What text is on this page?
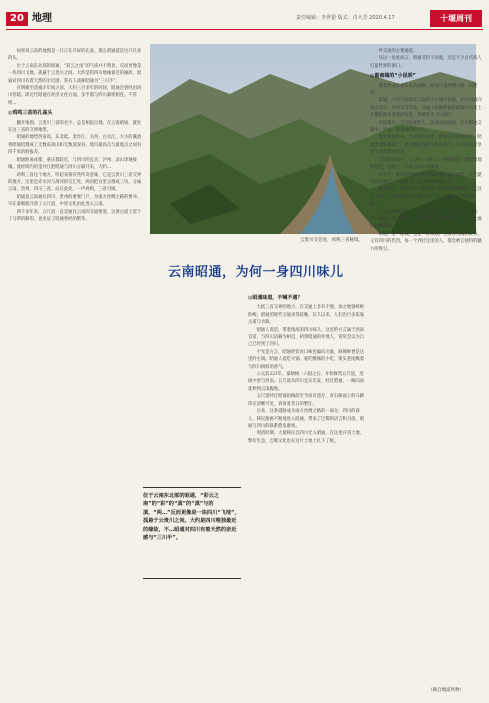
20 地理	责任编辑：李世银 版式：肖大芳 2020.4.17	十堰周刊

如果说云南的地图是一只正在开屏的孔雀，那么昭通就是这只孔雀的头。

位于云南东北部的昭通，“彩云之南”的气质并不明显，反而更像是一块四川飞地，孤悬于云贵川之间。大约是和四川地缘靠近的缘故，昭通对四川有着天然的亲近感，常有人戏称昭通为“三川半”。

在明朝至清雍正年间之前，大约三百多年的时间，昭通还曾经由四川管辖。即近代昭通在经济文化方面，多半都与四川紧密相连。不管明…

◎鸡鸣三省的孔雀头

翻开地图，云贵川三省的名字，总是相依出现。在云南昭通，就处在这三省的交界地带。

昭通的地势西南高，东北低。金沙江、关河、白水江、大小的溪流将昭通切割成了无数座高山和无数道深谷。境内最高点与最低点之间有四千米的海拔差。

昭通距离成都、重庆都较近，与四川的宜宾、泸州、凉山等地接壤。流经境内的金沙江把昭通与四川分隔开来，大约…

鸡鸣三省这个地方，听起来很有些传奇意味，它是云贵川三省交界的地方。这里是赤水河与渭河的交汇处，两河把这里分割成三块，分属云南、贵州、四川三省。站在此处，一声鸡鸣，三省可闻。

昭通是云南通往四川、贵州的重要门户，为南方丝绸之路的要冲。早在秦朝就开凿了五尺道，中原文化由此进入云南。

两千多年来，五尺道一直是通往云南的交通要道，这条古道上留下了马帮的蹄印，也见证了昭通曾经的繁华。

云贵川交会处，鸡鸣三省秘境。
云南昭通，为何一身四川味儿
◎昭通味道，不喊不通？

大抵三省交界的地方，在交通上多有不便。加之地貌崎岖险峻，昭通的现代交通来得较晚，长久以来，人们出行多依靠古道与水路。

昭通人说话，带着浓浓的四川味儿。这里的方言属于西南官话，与四川话颇为相近，初到昭通的外地人，常常会以为自己已经到了四川。

不光是方言，昭通的饮食口味也偏向川渝，麻辣鲜香是这里的主调。昭通人爱吃火锅、爱吃酸辣的小吃，街头巷尾飘着与四川相似的香气。

公元前221年，秦朝统一六国之后，开始修筑五尺道，连接中原与西南。五尺道从四川宜宾出发，经过昭通，一路向南延伸到云南腹地。

五尺道经过昭通的路段至今尚有遗存，青石路面上的马蹄印记清晰可见，诉说着昔日的繁忙。

后来，这条道路成为南方丝绸之路的一部分，四川的商人、移民源源不断地进入昭通，带来了巴蜀的语言和习俗，昭通与四川的联系愈发紧密。

明清时期，大量移民自四川迁入昭通，在这里开垦土地、繁衍生息，巴蜀文化也在这片土地上扎下了根。

外交流的主要通道。

从这一角度而言，昭通非但不闭塞，还是不少古代商人打量世界的窗口。

◎最南端的“小昆明”

随着商业贸易往来的频繁，昭通与南丝绸之路一同繁荣。

昭通，不仅可以抵达云南的中心城市昆明，还可以通向四川宜宾、贵州毕节等地，交通上的便利使得昭通在历史上长期扮演着重要的角色，曾被誉为“小昆明”。

不同地区、不同民族的人，选择留在昭通，在不断地交融中，形成了昭通独特的文化。

每到黄昏时分，当夕阳的余光，将城市的屋顶染红，昭通老城的街道上，便会飘起各种小吃的香气，人们在这里享受生活的悠闲时光。

在这些饮食中，“云南十八怪”之一的昭通酱，便是当地的特色，它融合了云南与四川的味道。

在今天，昭通的老城区仍旧保留着许多古建筑，这些建筑风格融合了各地特点，见证着昭通的历史。

发展至今，昭通已是一座连接云贵川的重要城市，在这片土地上，不同的文化交融共生，孕育出独特的“昭通味道”。

三省交界的地方，文化多样交融，在饮食上也多有体现。昭通人善于吃辣，也善于吃酸，酸辣之间，是这片土地的独特味道。

昭通，是一座城，也是一种味道，它既有云南的灵秀，又有四川的热烈，每一个到过这里的人，都会被它独特的魅力所吸引。

位于云南东北部的昭通，“彩云之南”的“彩”的“滇”的“滇”与的滇，“两…”反而更像是一块四川“飞地”，孤悬于云贵川之间。大约是四川唯独最近的缘故，不…昭通对四川有着天然的亲近感与“三川半”。
（摘自地道风物）
